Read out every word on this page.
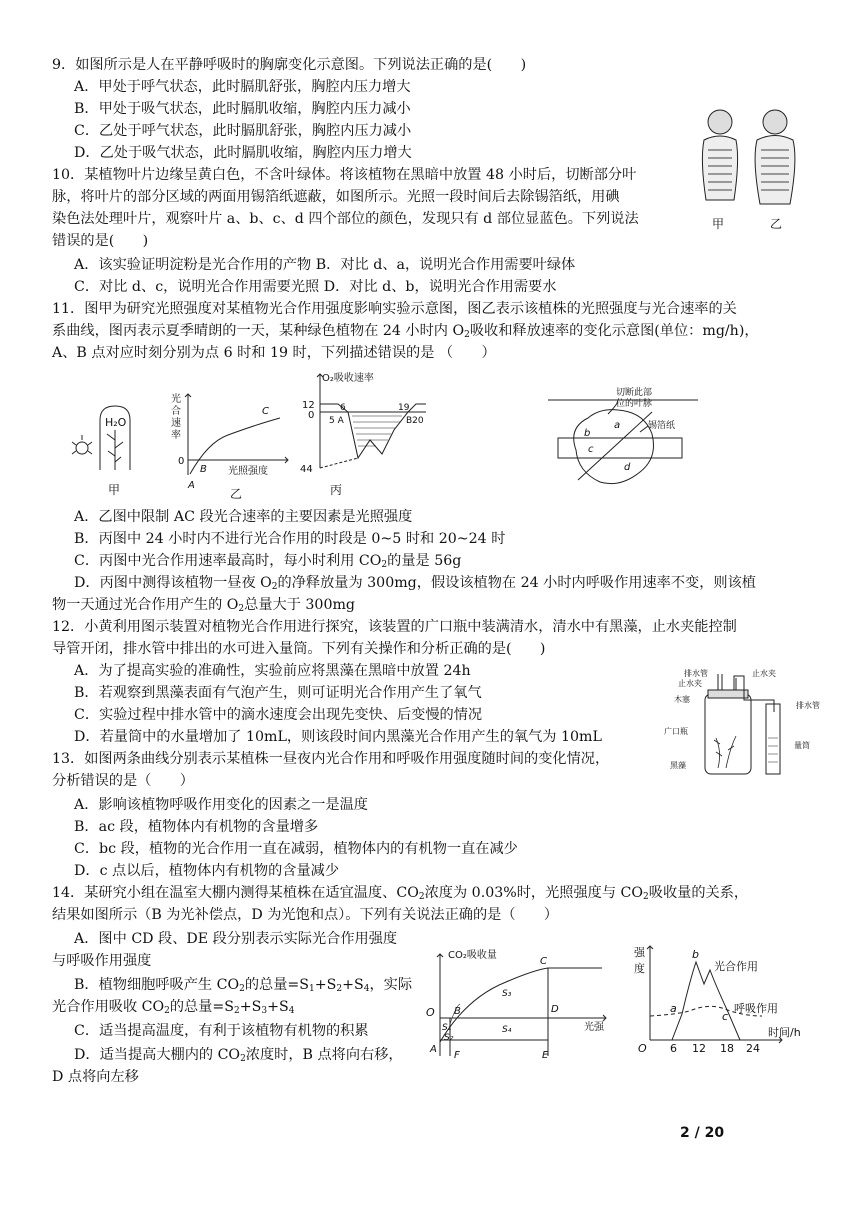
9．如图所示是人在平静呼吸时的胸廓变化示意图。下列说法正确的是(　　)
A．甲处于呼气状态，此时膈肌舒张，胸腔内压力增大
B．甲处于吸气状态，此时膈肌收缩，胸腔内压力减小
C．乙处于呼气状态，此时膈肌舒张，胸腔内压力减小
D．乙处于吸气状态，此时膈肌收缩，胸腔内压力增大
甲	乙
10．某植物叶片边缘呈黄白色，不含叶绿体。将该植物在黑暗中放置 48 小时后，切断部分叶
脉，将叶片的部分区域的两面用锡箔纸遮蔽，如图所示。光照一段时间后去除锡箔纸，用碘
染色法处理叶片，观察叶片 a、b、c、d 四个部位的颜色，发现只有 d 部位显蓝色。下列说法
错误的是(　　)
A．该实验证明淀粉是光合作用的产物 B．对比 d、a，说明光合作用需要叶绿体
C．对比 d、c，说明光合作用需要光照 D．对比 d、b，说明光合作用需要水
11．图甲为研究光照强度对某植物光合作用强度影响实验示意图，图乙表示该植株的光照强度与光合速率的关
系曲线，图丙表示夏季晴朗的一天，某种绿色植物在 24 小时内 $O_2$吸收和释放速率的变化示意图(单位：mg/h)，
A、B 点对应时刻分别为点 6 时和 19 时，下列描述错误的是 （　　）
H₂O
甲
光
合
速
率
0
B
A
C
光照强度
乙
O₂吸收速率
12
0
44
6
5 A
19
B20
丙
切断此部
位的叶脉
锡箔纸
b
a
c
d
A．乙图中限制 AC 段光合速率的主要因素是光照强度
B．丙图中 24 小时内不进行光合作用的时段是 0~5 时和 20~24 时
C．丙图中光合作用速率最高时，每小时利用 $CO_2$的量是 56g
D．丙图中测得该植物一昼夜 $O_2$的净释放量为 300mg，假设该植物在 24 小时内呼吸作用速率不变，则该植
物一天通过光合作用产生的 $O_2$总量大于 300mg
12．小黄利用图示装置对植物光合作用进行探究，该装置的广口瓶中装满清水，清水中有黑藻，止水夹能控制
导管开闭，排水管中排出的水可进入量筒。下列有关操作和分析正确的是(　　)
A．为了提高实验的准确性，实验前应将黑藻在黑暗中放置 24h
B．若观察到黑藻表面有气泡产生，则可证明光合作用产生了氧气
C．实验过程中排水管中的滴水速度会出现先变快、后变慢的情况
D．若量筒中的水量增加了 10mL，则该段时间内黑藻光合作用产生的氧气为 10mL
排水管
止水夹
止水夹
排水管
木塞
广口瓶
黑藻
量筒
13．如图两条曲线分别表示某植株一昼夜内光合作用和呼吸作用强度随时间的变化情况，
分析错误的是（　　）
A．影响该植物呼吸作用变化的因素之一是温度
B．ac 段，植物体内有机物的含量增多
C．bc 段，植物的光合作用一直在减弱，植物体内的有机物一直在减少
D．c 点以后，植物体内有机物的含量减少
14．某研究小组在温室大棚内测得某植株在适宜温度、$CO_2$浓度为 0.03%时，光照强度与 $CO_2$吸收量的关系，
结果如图所示（B 为光补偿点，D 为光饱和点）。下列有关说法正确的是（　　）
A．图中 CD 段、DE 段分别表示实际光合作用强度
与呼吸作用强度
B．植物细胞呼吸产生 $CO_2$的总量$=S_1+S_2+S_4$，实际
光合作用吸收 $CO_2$的总量$=S_2+S_3+S_4$
C．适当提高温度，有利于该植物有机物的积累
D．适当提高大棚内的 $CO_2$浓度时，B 点将向右移，
D 点将向左移
CO₂吸收量
O
A
B
C
D
E
F
S₁
S₂
S₃
S₄	光强
强
度	光合作用
呼吸作用
时间/h
O 6 12 18 24
a
b
c
2 / 20
